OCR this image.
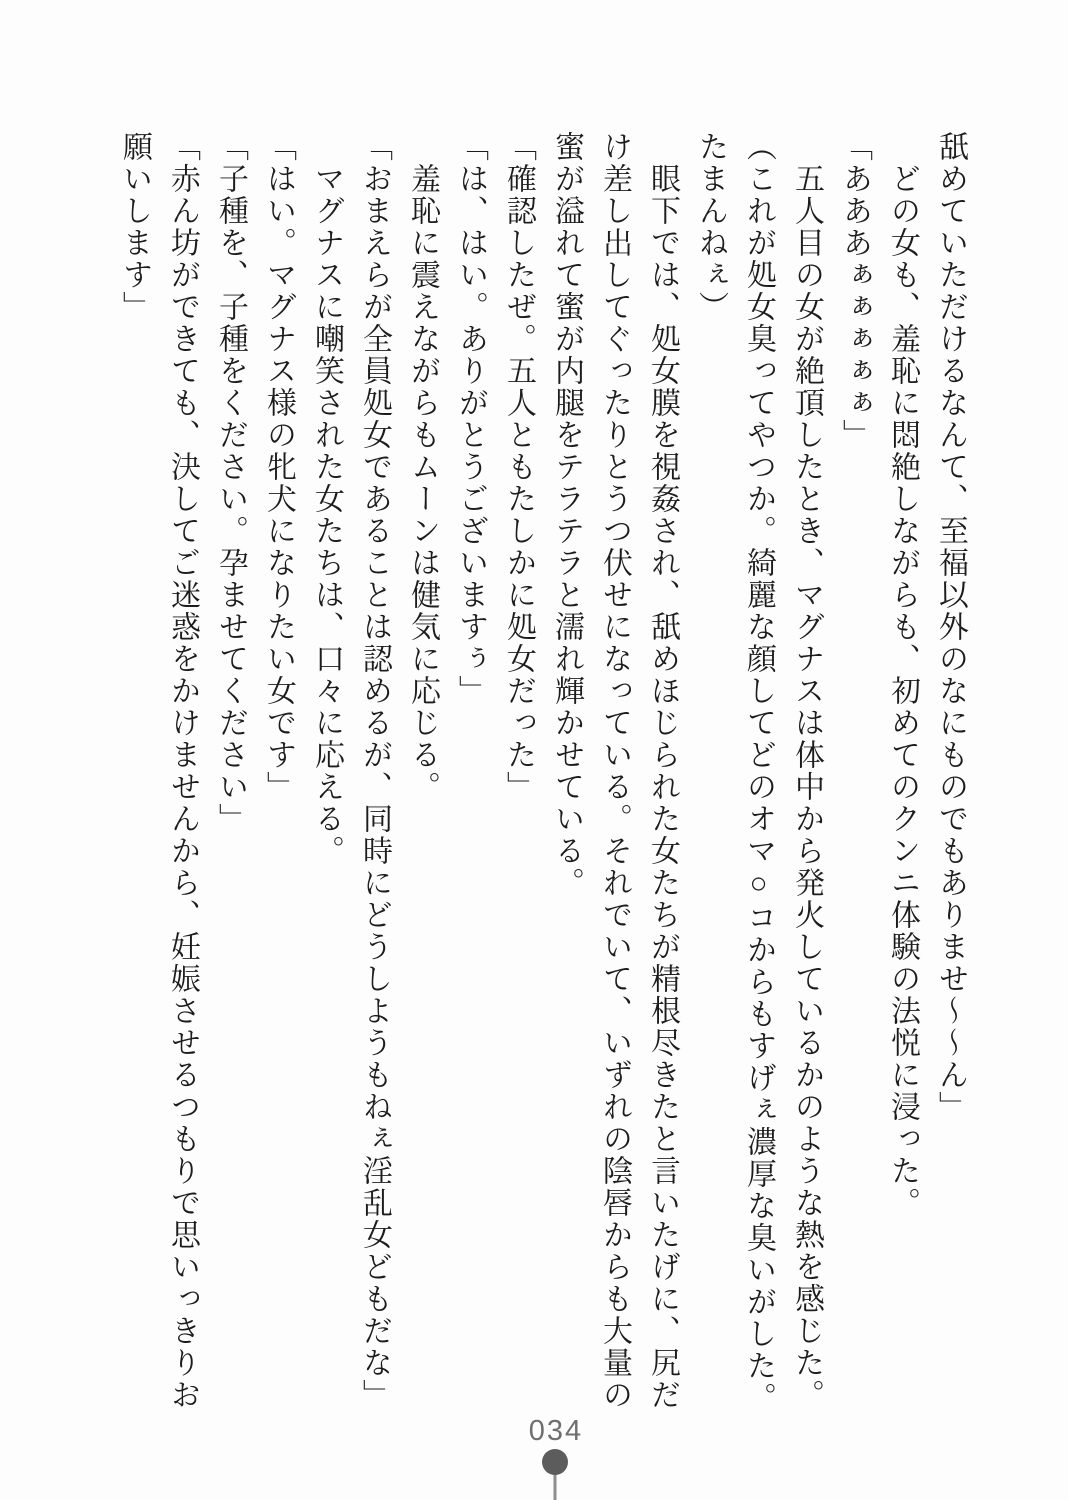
舐めていただけるなんて、至福以外のなにものでもありませ〜〜ん」

どの女も、羞恥に悶絶しながらも、初めてのクンニ体験の法悦に浸った。

「あああぁぁぁぁぁ」

五人目の女が絶頂したとき、マグナスは体中から発火しているかのような熱を感じた。

（これが処女臭ってやつか。綺麗な顔してどのオマ○コからもすげぇ濃厚な臭いがした。たまんねぇ）

眼下では、処女膜を視姦され、舐めほじられた女たちが精根尽きたと言いたげに、尻だけ差し出してぐったりとうつ伏せになっている。それでいて、いずれの陰唇からも大量の蜜が溢れて蜜が内腿をテラテラと濡れ輝かせている。

「確認したぜ。五人ともたしかに処女だった」

「は、はい。ありがとうございますぅ」

羞恥に震えながらもムーンは健気に応じる。

「おまえらが全員処女であることは認めるが、同時にどうしようもねぇ淫乱女どもだな」

マグナスに嘲笑された女たちは、口々に応える。

「はい。マグナス様の牝犬になりたい女です」

「子種を、子種をください。孕ませてください」

「赤ん坊ができても、決してご迷惑をかけませんから、妊娠させるつもりで思いっきりお願いします」

034
